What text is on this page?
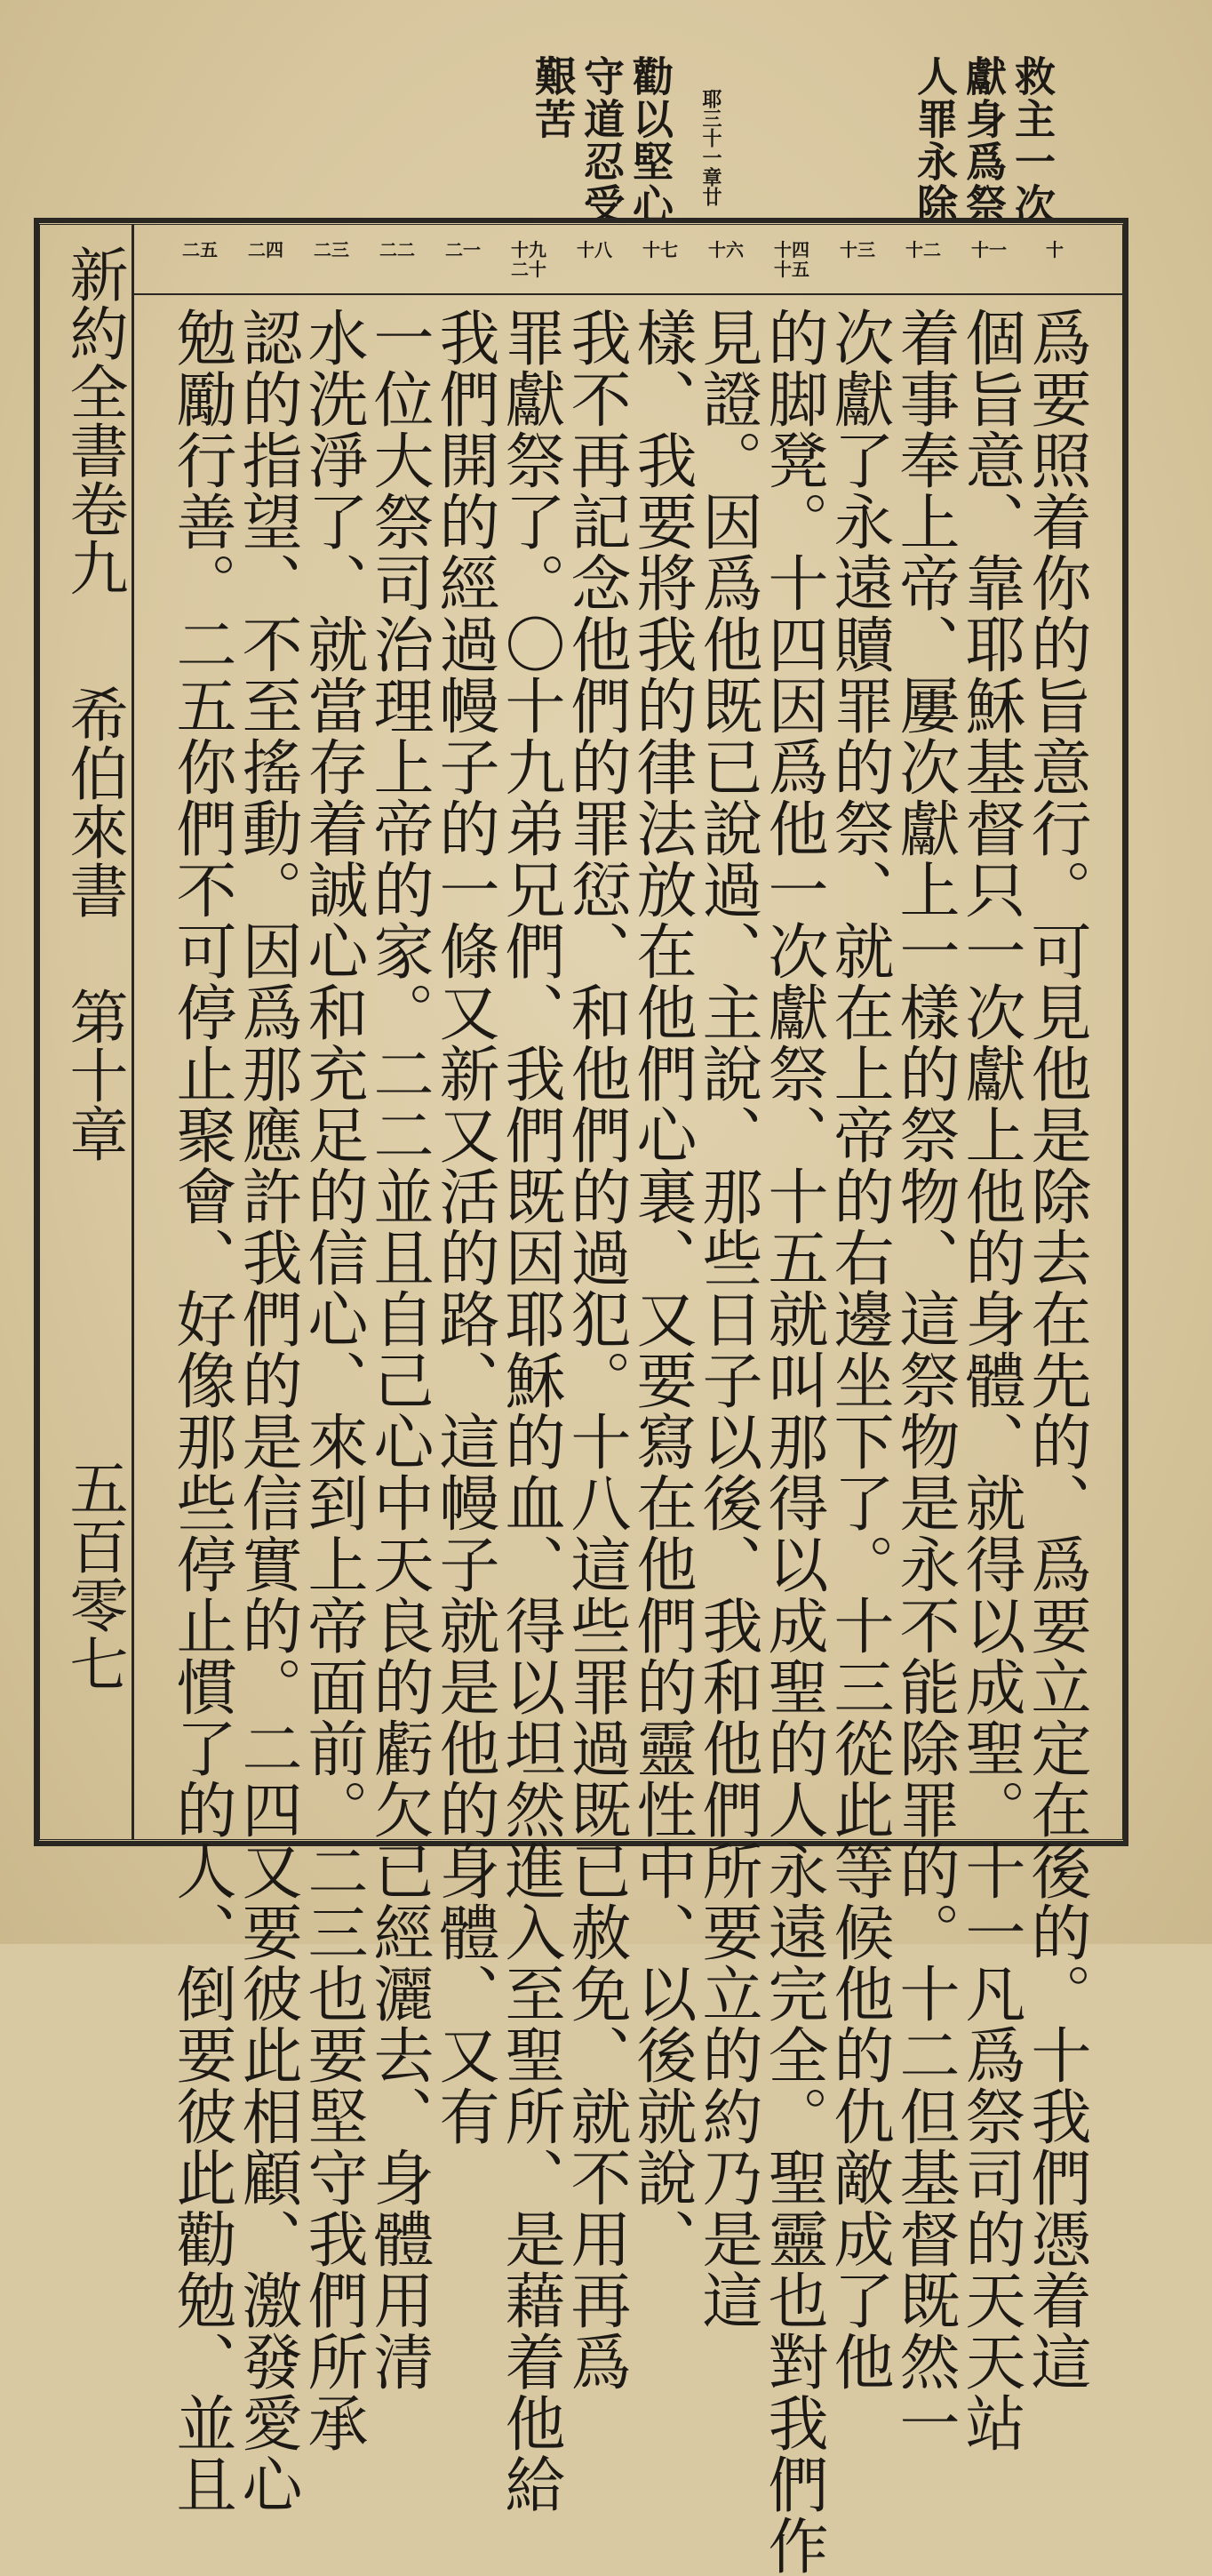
救主一次
獻身爲祭
人罪永除
耶三十一章廿
勸以堅心
守道忍受
艱苦
十
十一
十二
十三
十四十五
十六
十七
十八
十九二十
二一
二二
二三
二四
二五
爲要照着你的旨意行。可見他是除去在先的、爲要立定在後的。十我們憑着這
個旨意、靠耶穌基督只一次獻上他的身體、就得以成聖。十一凡爲祭司的天天站
着事奉上帝、屢次獻上一樣的祭物、這祭物是永不能除罪的。十二但基督既然一
次獻了永遠贖罪的祭、就在上帝的右邊坐下了。十三從此等候他的仇敵成了他
的脚凳。十四因爲他一次獻祭、十五就叫那得以成聖的人永遠完全。聖靈也對我們作
見證。因爲他既已說過、主說、那些日子以後、我和他們所要立的約乃是這
樣、我要將我的律法放在他們心裏、又要寫在他們的靈性中、以後就說、
我不再記念他們的罪愆、和他們的過犯。十八這些罪過既已赦免、就不用再爲
罪獻祭了。〇十九弟兄們、我們既因耶穌的血、得以坦然進入至聖所、是藉着他給
我們開的經過幔子的一條又新又活的路、這幔子就是他的身體、又有
一位大祭司治理上帝的家。二二並且自己心中天良的虧欠已經灑去、身體用清
水洗淨了、就當存着誠心和充足的信心、來到上帝面前。二三也要堅守我們所承
認的指望、不至搖動。因爲那應許我們的是信實的。二四又要彼此相顧、激發愛心
勉勵行善。二五你們不可停止聚會、好像那些停止慣了的人、倒要彼此勸勉、並且
新約全書卷九
希伯來書
第十章
五百零七
